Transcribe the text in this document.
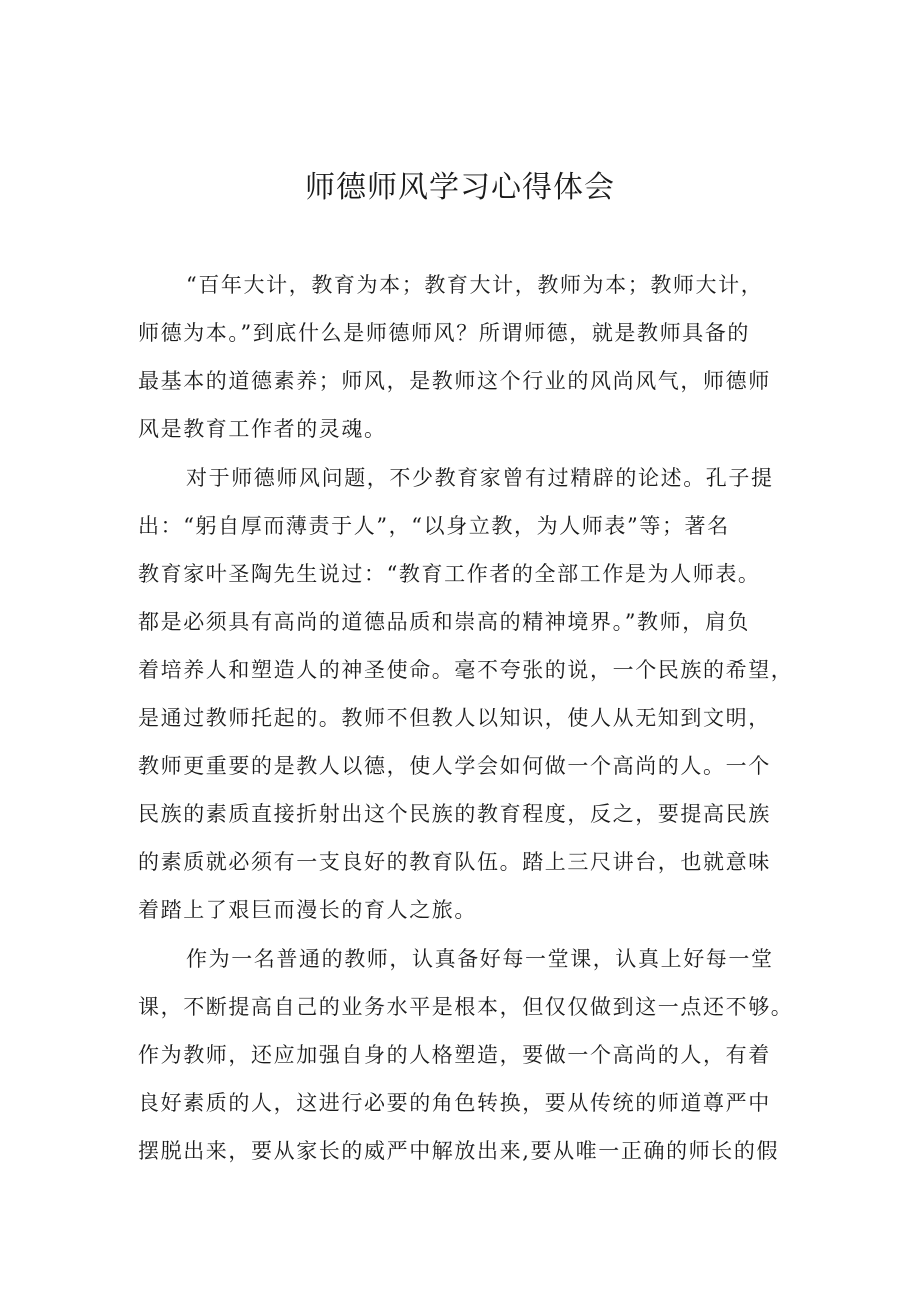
师德师风学习心得体会
“百年大计，教育为本；教育大计，教师为本；教师大计，
师德为本。”到底什么是师德师风？所谓师德，就是教师具备的
最基本的道德素养；师风，是教师这个行业的风尚风气，师德师
风是教育工作者的灵魂。
对于师德师风问题，不少教育家曾有过精辟的论述。孔子提
出：“躬自厚而薄责于人”，“以身立教，为人师表”等；著名
教育家叶圣陶先生说过：“教育工作者的全部工作是为人师表。
都是必须具有高尚的道德品质和崇高的精神境界。”教师，肩负
着培养人和塑造人的神圣使命。毫不夸张的说，一个民族的希望，
是通过教师托起的。教师不但教人以知识，使人从无知到文明，
教师更重要的是教人以德，使人学会如何做一个高尚的人。一个
民族的素质直接折射出这个民族的教育程度，反之，要提高民族
的素质就必须有一支良好的教育队伍。踏上三尺讲台，也就意味
着踏上了艰巨而漫长的育人之旅。
作为一名普通的教师，认真备好每一堂课，认真上好每一堂
课，不断提高自己的业务水平是根本，但仅仅做到这一点还不够。
作为教师，还应加强自身的人格塑造，要做一个高尚的人，有着
良好素质的人，这进行必要的角色转换，要从传统的师道尊严中
摆脱出来，要从家长的威严中解放出来,要从唯一正确的师长的假
